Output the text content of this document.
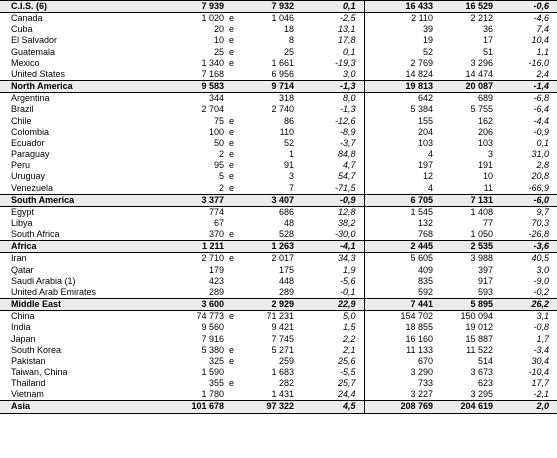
C.I.S. (6)	7 939		7 932	0,1	16 433	16 529	-0,6
Canada	1 020	e	1 046	-2,5	2 110	2 212	-4,6
Cuba	20	e	18	13,1	39	36	7,4
El Salvador	10	e	8	17,8	19	17	10,4
Guatemala	25	e	25	0,1	52	51	1,1
Mexico	1 340	e	1 661	-19,3	2 769	3 296	-16,0
United States	7 168		6 956	3,0	14 824	14 474	2,4
North America	9 583		9 714	-1,3	19 813	20 087	-1,4
Argentina	344		318	8,0	642	689	-6,8
Brazil	2 704		2 740	-1,3	5 384	5 755	-6,4
Chile	75	e	86	-12,6	155	162	-4,4
Colombia	100	e	110	-8,9	204	206	-0,9
Ecuador	50	e	52	-3,7	103	103	0,1
Paraguay	2	e	1	84,8	4	3	31,0
Peru	95	e	91	4,7	197	191	2,8
Uruguay	5	e	3	54,7	12	10	20,8
Venezuela	2	e	7	-71,5	4	11	-66,9
South America	3 377		3 407	-0,9	6 705	7 131	-6,0
Egypt	774		686	12,8	1 545	1 408	9,7
Libya	67		48	38,2	132	77	70,3
South Africa	370	e	528	-30,0	768	1 050	-26,8
Africa	1 211		1 263	-4,1	2 445	2 535	-3,6
Iran	2 710	e	2 017	34,3	5 605	3 988	40,5
Qatar	179		175	1,9	409	397	3,0
Saudi Arabia (1)	423		448	-5,6	835	917	-9,0
United Arab Emirates	289		289	-0,1	592	593	-0,2
Middle East	3 600		2 929	22,9	7 441	5 895	26,2
China	74 773	e	71 231	5,0	154 702	150 094	3,1
India	9 560		9 421	1,5	18 855	19 012	-0,8
Japan	7 916		7 745	2,2	16 160	15 887	1,7
South Korea	5 380	e	5 271	2,1	11 133	11 522	-3,4
Pakistan	325	e	259	25,6	670	514	30,4
Taiwan, China	1 590		1 683	-5,5	3 290	3 673	-10,4
Thailand	355	e	282	25,7	733	623	17,7
Vietnam	1 780		1 431	24,4	3 227	3 295	-2,1
Asia	101 678		97 322	4,5	208 769	204 619	2,0
